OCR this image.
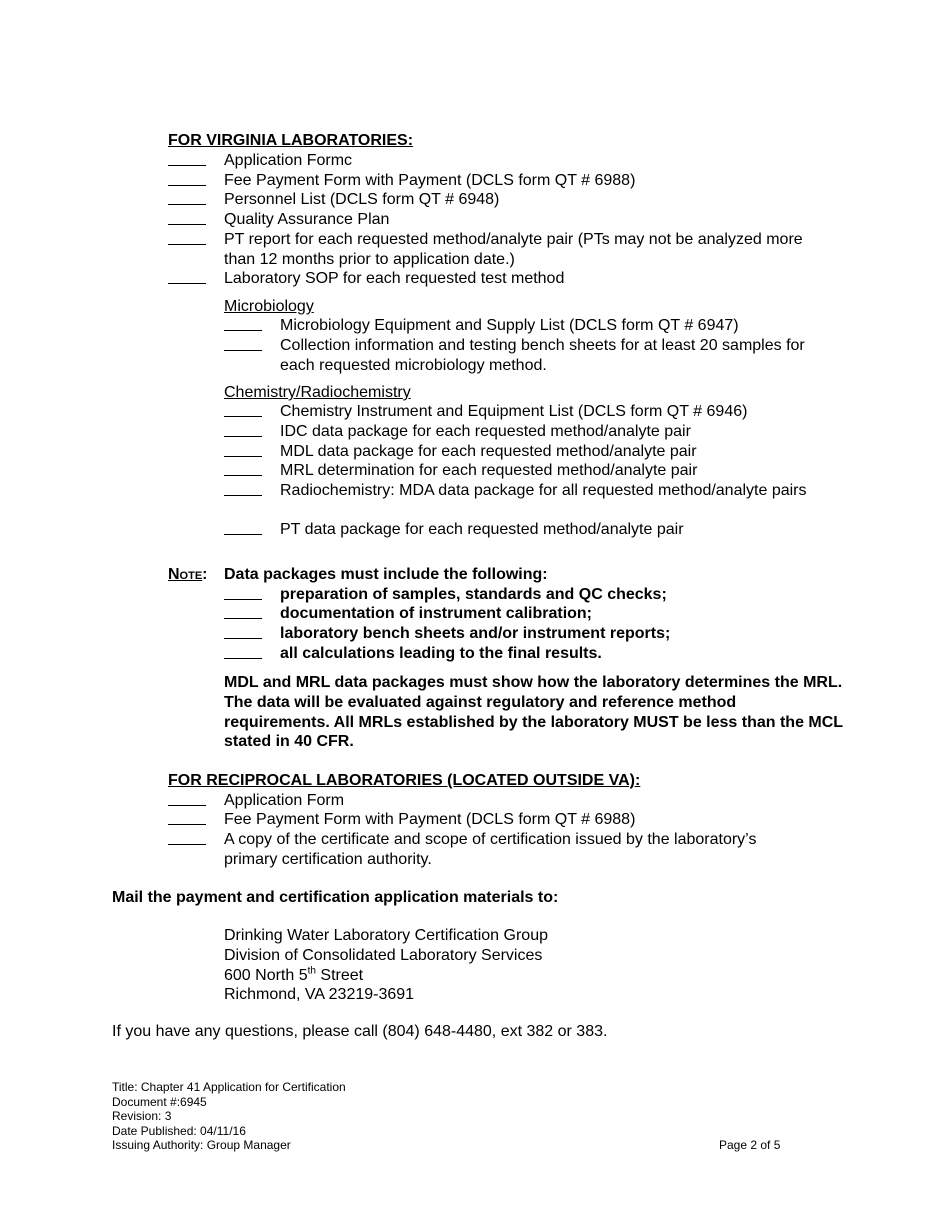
FOR VIRGINIA LABORATORIES:
Application Formc
Fee Payment Form with Payment (DCLS form QT # 6988)
Personnel List (DCLS form QT # 6948)
Quality Assurance Plan
PT report for each requested method/analyte pair (PTs may not be analyzed more than 12 months prior to application date.)
Laboratory SOP for each requested test method
Microbiology
Microbiology Equipment and Supply List (DCLS form QT # 6947)
Collection information and testing bench sheets for at least 20 samples for each requested microbiology method.
Chemistry/Radiochemistry
Chemistry Instrument and Equipment List (DCLS form QT # 6946)
IDC data package for each requested method/analyte pair
MDL data package for each requested method/analyte pair
MRL determination for each requested method/analyte pair
Radiochemistry: MDA data package for all requested method/analyte pairs
PT data package for each requested method/analyte pair
Note: Data packages must include the following:
preparation of samples, standards and QC checks;
documentation of instrument calibration;
laboratory bench sheets and/or instrument reports;
all calculations leading to the final results.
MDL and MRL data packages must show how the laboratory determines the MRL. The data will be evaluated against regulatory and reference method requirements. All MRLs established by the laboratory MUST be less than the MCL stated in 40 CFR.
FOR RECIPROCAL LABORATORIES (LOCATED OUTSIDE VA):
Application Form
Fee Payment Form with Payment (DCLS form QT # 6988)
A copy of the certificate and scope of certification issued by the laboratory’s primary certification authority.
Mail the payment and certification application materials to:
Drinking Water Laboratory Certification Group
Division of Consolidated Laboratory Services
600 North 5th Street
Richmond, VA 23219-3691
If you have any questions, please call (804) 648-4480, ext 382 or 383.
Title: Chapter 41 Application for Certification
Document #:6945
Revision: 3
Date Published: 04/11/16
Issuing Authority: Group Manager	Page 2 of 5
